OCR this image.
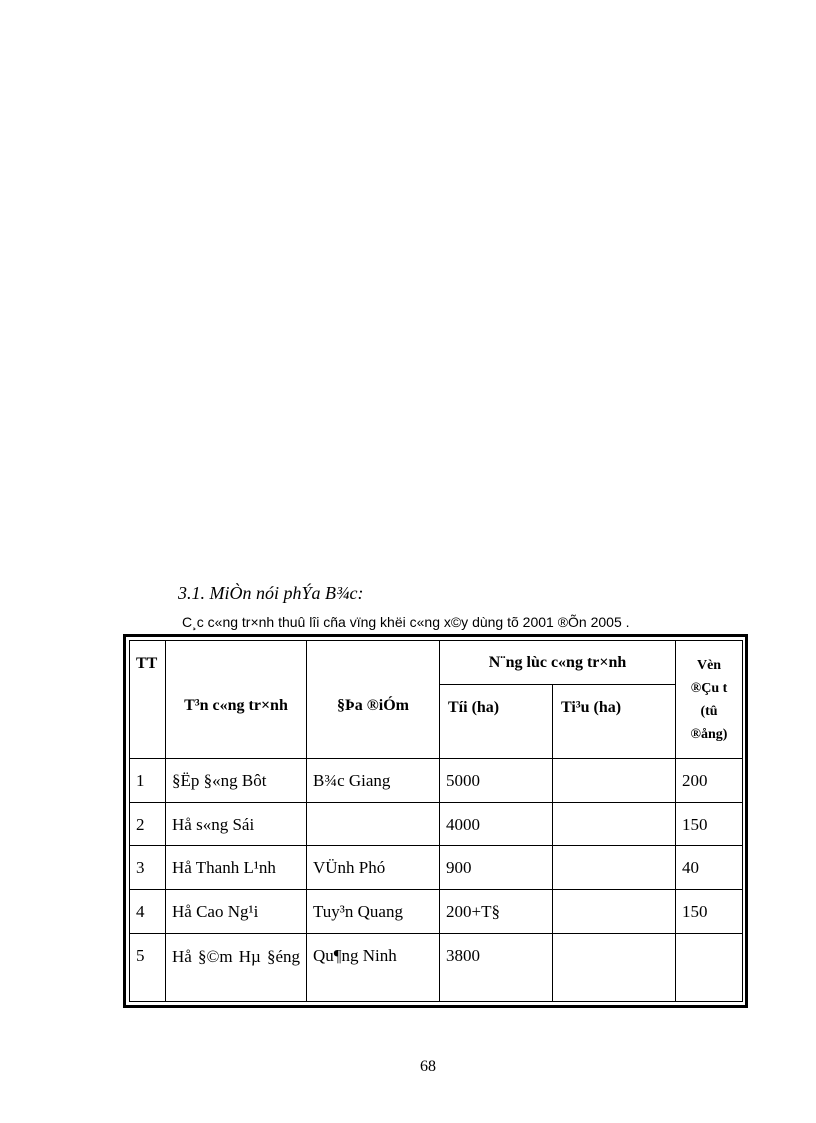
3.1. MiÒn nói phÝa B¾c:
C¸c c«ng tr×nh thuû lîi cña vïng khëi c«ng x©y dùng tõ 2001 ®Õn 2005 .
TT	T³n c«ng tr×nh	§Þa ®iÓm	N¨ng lùc c«ng tr×nh		Vèn
®Çu t
(tû
®ång)

			Tíi (ha)	Ti³u (ha)	
1	§Ëp §«ng Bôt	B¾c Giang	5000		200
2	Hå s«ng Sái		4000		150
3	Hå Thanh L¹nh	VÜnh Phó	900		40
4	Hå Cao Ng¹i	Tuy³n Quang	200+T§		150
5	Hå §©m Hµ §éng	Qu¶ng Ninh	3800		
68
